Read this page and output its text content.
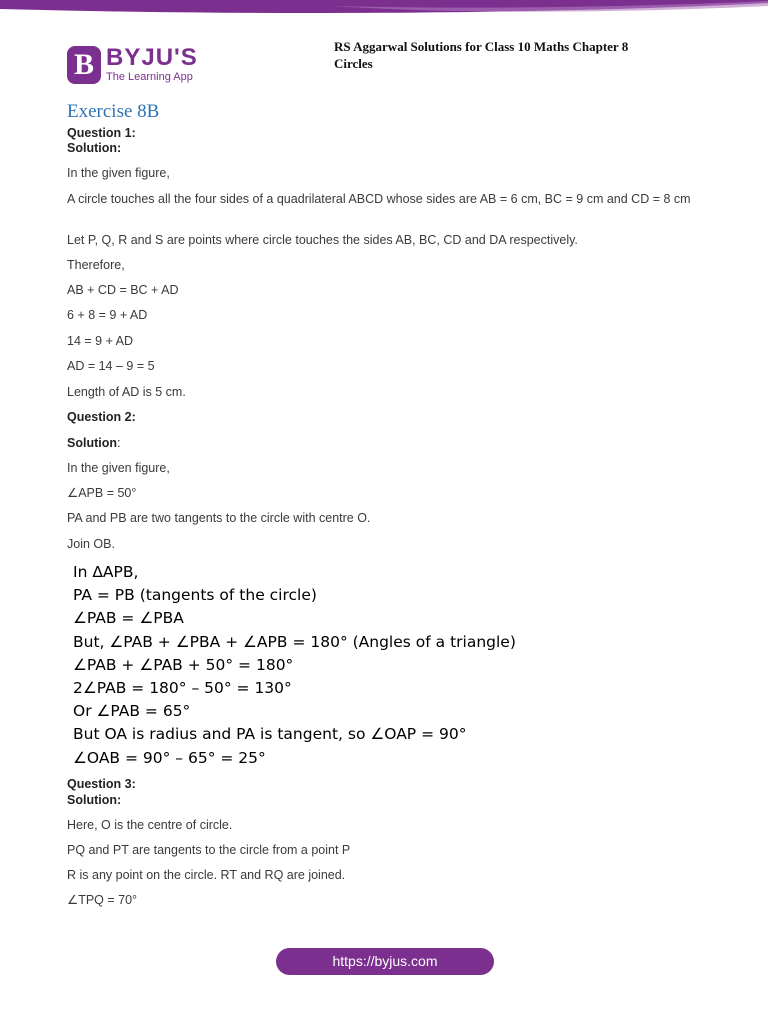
B BYJU'S
The Learning App
RS Aggarwal Solutions for Class 10 Maths Chapter 8
Circles
Exercise 8B
Question 1:
Solution:
In the given figure,
A circle touches all the four sides of a quadrilateral ABCD whose sides are AB = 6 cm, BC = 9 cm and CD = 8 cm
Let P, Q, R and S are points where circle touches the sides AB, BC, CD and DA respectively.
Therefore,
AB + CD = BC + AD
6 + 8 = 9 + AD
14 = 9 + AD
AD = 14 – 9 = 5
Length of AD is 5 cm.
Question 2:
Solution:
In the given figure,
∠APB = 50°
PA and PB are two tangents to the circle with centre O.
Join OB.
In ΔAPB,
PA = PB (tangents of the circle)
∠PAB = ∠PBA
But, ∠PAB + ∠PBA + ∠APB = 180° (Angles of a triangle)
∠PAB + ∠PAB + 50° = 180°
2∠PAB = 180° – 50° = 130°
Or ∠PAB = 65°
But OA is radius and PA is tangent, so ∠OAP = 90°
∠OAB = 90° – 65° = 25°
Question 3:
Solution:
Here, O is the centre of circle.
PQ and PT are tangents to the circle from a point P
R is any point on the circle. RT and RQ are joined.
∠TPQ = 70°
https://byjus.com
